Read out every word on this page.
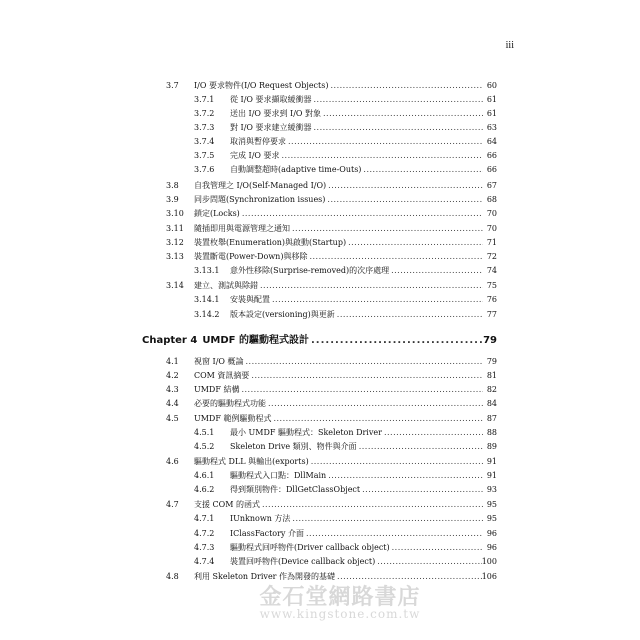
iii
3.7	I/O 要求物件(I/O Request Objects) .....	60
3.7.1	從 I/O 要求擷取緩衝器 .....	61
3.7.2	送出 I/O 要求到 I/O 對象 .....	61
3.7.3	對 I/O 要求建立緩衝器 .....	63
3.7.4	取消與暫停要求 .....	64
3.7.5	完成 I/O 要求 .....	66
3.7.6	自動調整超時(adaptive time-Outs) .....	66
3.8	自我管理之 I/O(Self-Managed I/O) .....	67
3.9	同步問題(Synchronization issues) .....	68
3.10	鎖定(Locks) .....	70
3.11	隨插即用與電源管理之通知 .....	70
3.12	裝置枚舉(Enumeration)與啟動(Startup) .....	71
3.13	裝置斷電(Power-Down)與移除 .....	72
3.13.1	意外性移除(Surprise-removed)的次序處理 .....	74
3.14	建立、測試與除錯 .....	75
3.14.1	安裝與配置 .....	76
3.14.2	版本設定(versioning)與更新 .....	77
Chapter 4 UMDF 的驅動程式設計 .....	79
4.1	視窗 I/O 概論 .....	79
4.2	COM 資訊摘要 .....	81
4.3	UMDF 結構 .....	82
4.4	必要的驅動程式功能 .....	84
4.5	UMDF 範例驅動程式 .....	87
4.5.1	最小 UMDF 驅動程式：Skeleton Driver .....	88
4.5.2	Skeleton Drive 類別、物件與介面 .....	89
4.6	驅動程式 DLL 與輸出(exports) .....	91
4.6.1	驅動程式入口點：DllMain .....	91
4.6.2	得到類別物件：DllGetClassObject .....	93
4.7	支援 COM 的函式 .....	95
4.7.1	IUnknown 方法 .....	95
4.7.2	IClassFactory 介面 .....	96
4.7.3	驅動程式回呼物件(Driver callback object) .....	96
4.7.4	裝置回呼物件(Device callback object) .....	100
4.8	利用 Skeleton Driver 作為開發的基礎 .....	106
金石堂網路書店
www.kingstone.com.tw
